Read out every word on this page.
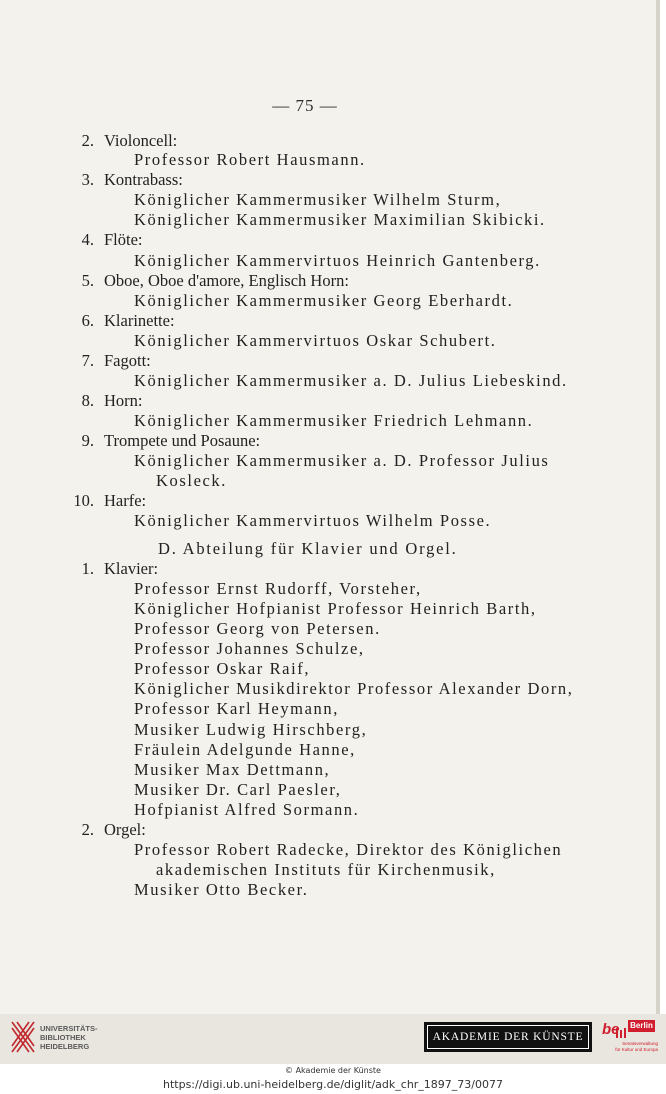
— 75 —
2. Violoncell:
Professor Robert Hausmann.
3. Kontrabass:
Königlicher Kammermusiker Wilhelm Sturm,
Königlicher Kammermusiker Maximilian Skibicki.
4. Flöte:
Königlicher Kammervirtuos Heinrich Gantenberg.
5. Oboe, Oboe d'amore, Englisch Horn:
Königlicher Kammermusiker Georg Eberhardt.
6. Klarinette:
Königlicher Kammervirtuos Oskar Schubert.
7. Fagott:
Königlicher Kammermusiker a. D. Julius Liebeskind.
8. Horn:
Königlicher Kammermusiker Friedrich Lehmann.
9. Trompete und Posaune:
Königlicher Kammermusiker a. D. Professor Julius
Kosleck.
10. Harfe:
Königlicher Kammervirtuos Wilhelm Posse.
D. Abteilung für Klavier und Orgel.
1. Klavier:
Professor Ernst Rudorff, Vorsteher,
Königlicher Hofpianist Professor Heinrich Barth,
Professor Georg von Petersen.
Professor Johannes Schulze,
Professor Oskar Raif,
Königlicher Musikdirektor Professor Alexander Dorn,
Professor Karl Heymann,
Musiker Ludwig Hirschberg,
Fräulein Adelgunde Hanne,
Musiker Max Dettmann,
Musiker Dr. Carl Paesler,
Hofpianist Alfred Sormann.
2. Orgel:
Professor Robert Radecke, Direktor des Königlichen
akademischen Instituts für Kirchenmusik,
Musiker Otto Becker.
UNIVERSITÄTS-
BIBLIOTHEK
HEIDELBERG
AKADEMIE DER KÜNSTE	be Berlin
Senatsverwaltung
für Kultur und Europa
© Akademie der Künste
https://digi.ub.uni-heidelberg.de/diglit/adk_chr_1897_73/0077
